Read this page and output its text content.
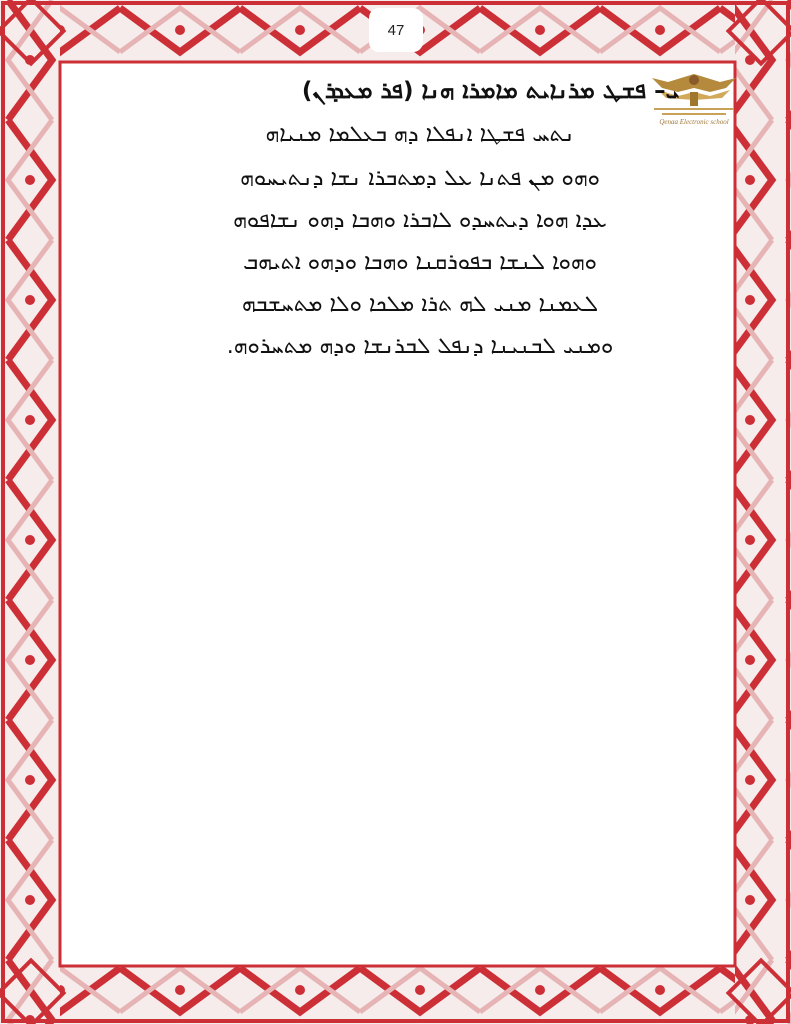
47
Qenaa Electronic school
ܝ– ܦܫܛ ܡܪܢܐܝܬ ܡܐܡܪܐ ܗܢܐ (ܦܪ ܡܥܕܪܢ)
ܢܬܚ ܦܫܛܐ ܐܢܦܠܐ ܕܗ ܒܥܠܡܐ ܡܢܝܐܗ
ܘܗܘ ܡܢ ܦܬܢܐ ܥܠ ܕܡܬܒܪܐ ܢܫܐ ܕܢܬܝܚܘܗ
ܥܕܐ ܗܘܐ ܕܝܬܚܕܘ ܠܐܒܪܐ ܘܗܒܐ ܕܗܘ ܢܫܐܦܘܗ
ܘܗܘܐ ܠܢܫܐ ܒܦܘܪܩܢܐ ܘܗܒܐ ܘܕܗܘ ܐܬܝܗܒ
ܠܥܡܢܐ ܡܢܝ ܠܗ ܬܪܐ ܡܠܟܐ ܘܠܐ ܡܬܚܫܒܗ
ܘܡܢܝ ܠܒܢܝܢܐ ܕܢܦܠ ܠܒܪܢܫܐ ܘܕܗ ܡܬܚܪܘܗ.
